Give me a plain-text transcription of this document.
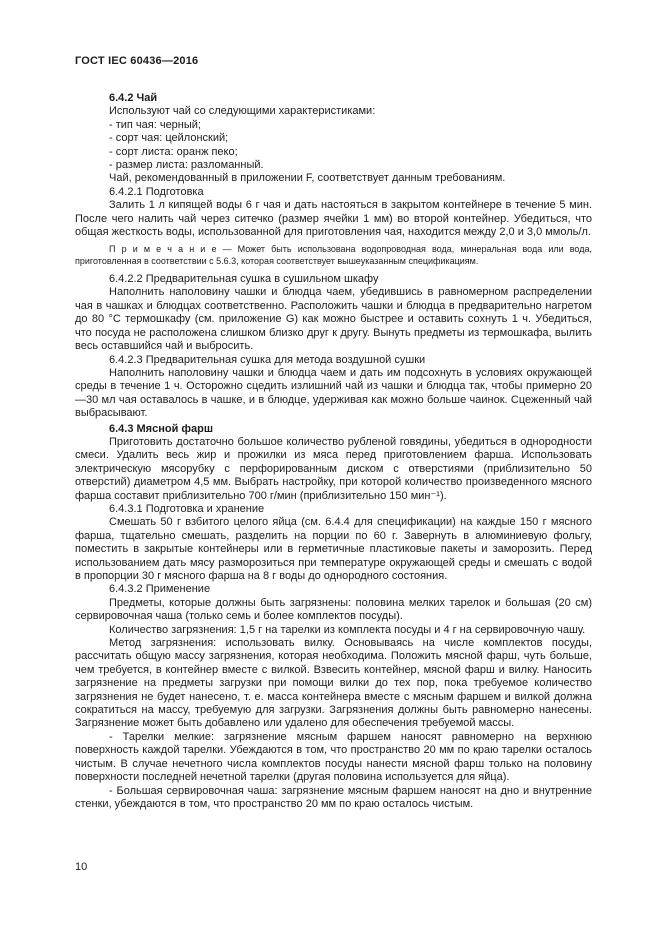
ГОСТ IEC 60436—2016

6.4.2 Чай

Используют чай со следующими характеристиками:

- тип чая: черный;

- сорт чая: цейлонский;

- сорт листа: оранж пеко;

- размер листа: разломанный.

Чай, рекомендованный в приложении F, соответствует данным требованиям.

6.4.2.1 Подготовка

Залить 1 л кипящей воды 6 г чая и дать настояться в закрытом контейнере в течение 5 мин. После чего налить чай через ситечко (размер ячейки 1 мм) во второй контейнер. Убедиться, что общая жесткость воды, использованной для приготовления чая, находится между 2,0 и 3,0 ммоль/л.

П р и м е ч а н и е — Может быть использована водопроводная вода, минеральная вода или вода, приготовленная в соответствии с 5.6.3, которая соответствует вышеуказанным спецификациям.

6.4.2.2 Предварительная сушка в сушильном шкафу

Наполнить наполовину чашки и блюдца чаем, убедившись в равномерном распределении чая в чашках и блюдцах соответственно. Расположить чашки и блюдца в предварительно нагретом до 80 °С термошкафу (см. приложение G) как можно быстрее и оставить сохнуть 1 ч. Убедиться, что посуда не расположена слишком близко друг к другу. Вынуть предметы из термошкафа, вылить весь оставшийся чай и выбросить.

6.4.2.3 Предварительная сушка для метода воздушной сушки

Наполнить наполовину чашки и блюдца чаем и дать им подсохнуть в условиях окружающей среды в течение 1 ч. Осторожно сцедить излишний чай из чашки и блюдца так, чтобы примерно 20—30 мл чая оставалось в чашке, и в блюдце, удерживая как можно больше чаинок. Сцеженный чай выбрасывают.

6.4.3 Мясной фарш

Приготовить достаточно большое количество рубленой говядины, убедиться в однородности смеси. Удалить весь жир и прожилки из мяса перед приготовлением фарша. Использовать электрическую мясорубку с перфорированным диском с отверстиями (приблизительно 50 отверстий) диаметром 4,5 мм. Выбрать настройку, при которой количество произведенного мясного фарша составит приблизительно 700 г/мин (приблизительно 150 мин⁻¹).

6.4.3.1 Подготовка и хранение

Смешать 50 г взбитого целого яйца (см. 6.4.4 для спецификации) на каждые 150 г мясного фарша, тщательно смешать, разделить на порции по 60 г. Завернуть в алюминиевую фольгу, поместить в закрытые контейнеры или в герметичные пластиковые пакеты и заморозить. Перед использованием дать мясу разморозиться при температуре окружающей среды и смешать с водой в пропорции 30 г мясного фарша на 8 г воды до однородного состояния.

6.4.3.2 Применение

Предметы, которые должны быть загрязнены: половина мелких тарелок и большая (20 см) сервировочная чаша (только семь и более комплектов посуды).

Количество загрязнения: 1,5 г на тарелки из комплекта посуды и 4 г на сервировочную чашу.

Метод загрязнения: использовать вилку. Основываясь на числе комплектов посуды, рассчитать общую массу загрязнения, которая необходима. Положить мясной фарш, чуть больше, чем требуется, в контейнер вместе с вилкой. Взвесить контейнер, мясной фарш и вилку. Наносить загрязнение на предметы загрузки при помощи вилки до тех пор, пока требуемое количество загрязнения не будет нанесено, т. е. масса контейнера вместе с мясным фаршем и вилкой должна сократиться на массу, требуемую для загрузки. Загрязнения должны быть равномерно нанесены. Загрязнение может быть добавлено или удалено для обеспечения требуемой массы.

- Тарелки мелкие: загрязнение мясным фаршем наносят равномерно на верхнюю поверхность каждой тарелки. Убеждаются в том, что пространство 20 мм по краю тарелки осталось чистым. В случае нечетного числа комплектов посуды нанести мясной фарш только на половину поверхности последней нечетной тарелки (другая половина используется для яйца).

- Большая сервировочная чаша: загрязнение мясным фаршем наносят на дно и внутренние стенки, убеждаются в том, что пространство 20 мм по краю осталось чистым.

10
